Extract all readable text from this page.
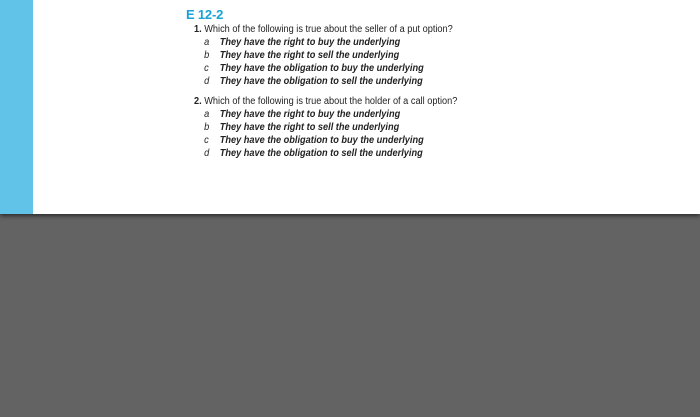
E 12-2
1. Which of the following is true about the seller of a put option?
a They have the right to buy the underlying
b They have the right to sell the underlying
c They have the obligation to buy the underlying
d They have the obligation to sell the underlying
2. Which of the following is true about the holder of a call option?
a They have the right to buy the underlying
b They have the right to sell the underlying
c They have the obligation to buy the underlying
d They have the obligation to sell the underlying
